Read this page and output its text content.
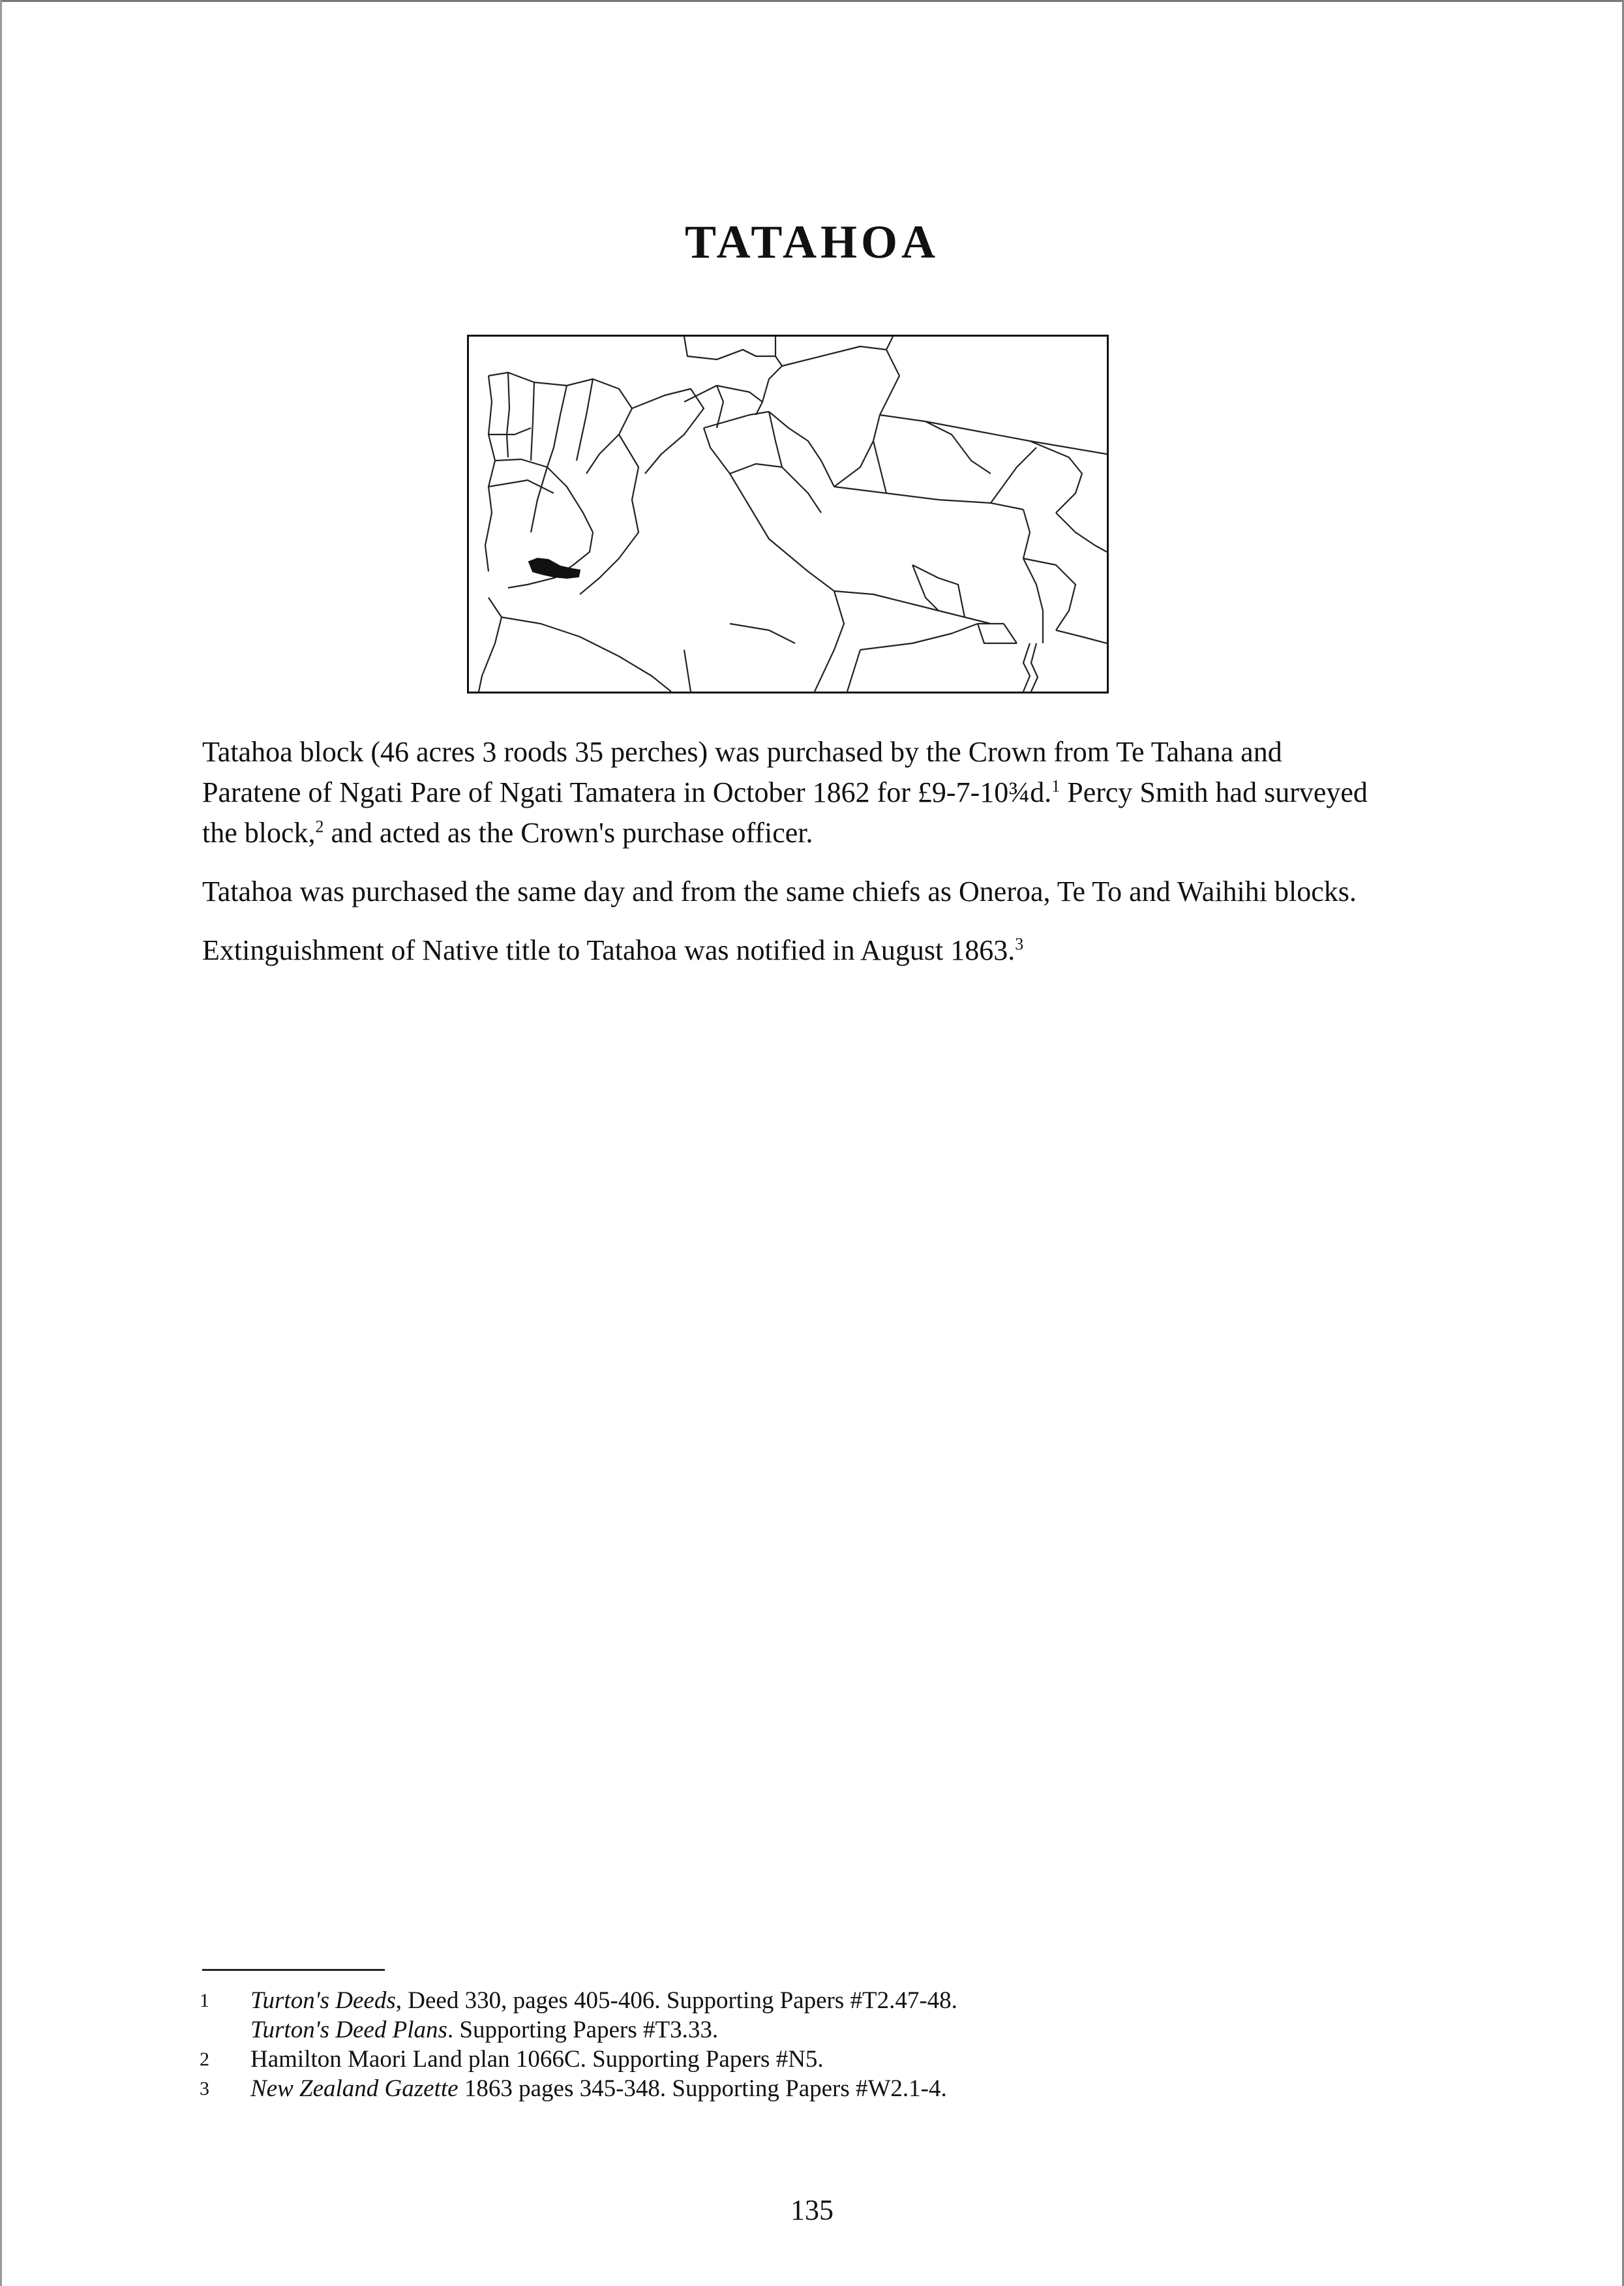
TATAHOA

Tatahoa block (46 acres 3 roods 35 perches) was purchased by the Crown from Te Tahana and Paratene of Ngati Pare of Ngati Tamatera in October 1862 for £9-7-10¾d.$^1$ Percy Smith had surveyed the block,$^2$ and acted as the Crown's purchase officer.

Tatahoa was purchased the same day and from the same chiefs as Oneroa, Te To and Waihihi blocks.

Extinguishment of Native title to Tatahoa was notified in August 1863.$^3$

1	Turton's Deeds, Deed 330, pages 405-406. Supporting Papers #T2.47-48.
Turton's Deed Plans. Supporting Papers #T3.33.
2	Hamilton Maori Land plan 1066C. Supporting Papers #N5.
3	New Zealand Gazette 1863 pages 345-348. Supporting Papers #W2.1-4.
135
